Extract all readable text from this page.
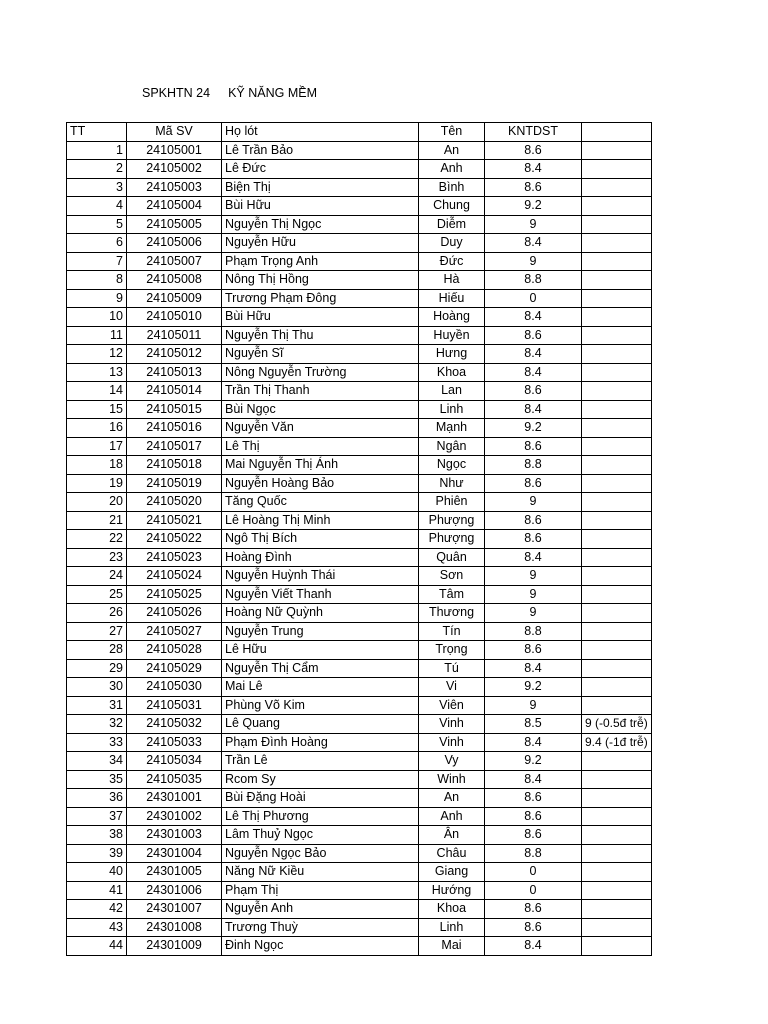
SPKHTN 24 KỸ NĂNG MỀM
TT	Mã SV	Họ lót	Tên	KNTDST	
1	24105001	Lê Trần Bảo	An	8.6	
2	24105002	Lê Đức	Anh	8.4	
3	24105003	Biện Thị	Bình	8.6	
4	24105004	Bùi Hữu	Chung	9.2	
5	24105005	Nguyễn Thị Ngọc	Diễm	9	
6	24105006	Nguyễn Hữu	Duy	8.4	
7	24105007	Phạm Trọng Anh	Đức	9	
8	24105008	Nông Thị Hồng	Hà	8.8	
9	24105009	Trương Phạm Đông	Hiếu	0	
10	24105010	Bùi Hữu	Hoàng	8.4	
11	24105011	Nguyễn Thị Thu	Huyền	8.6	
12	24105012	Nguyễn Sĩ	Hưng	8.4	
13	24105013	Nông Nguyễn Trường	Khoa	8.4	
14	24105014	Trần Thị Thanh	Lan	8.6	
15	24105015	Bùi Ngọc	Linh	8.4	
16	24105016	Nguyễn Văn	Mạnh	9.2	
17	24105017	Lê Thị	Ngân	8.6	
18	24105018	Mai Nguyễn Thị Ánh	Ngọc	8.8	
19	24105019	Nguyễn Hoàng Bảo	Như	8.6	
20	24105020	Tăng Quốc	Phiên	9	
21	24105021	Lê Hoàng Thị Minh	Phượng	8.6	
22	24105022	Ngô Thị Bích	Phượng	8.6	
23	24105023	Hoàng Đình	Quân	8.4	
24	24105024	Nguyễn Huỳnh Thái	Sơn	9	
25	24105025	Nguyễn Viết Thanh	Tâm	9	
26	24105026	Hoàng Nữ Quỳnh	Thương	9	
27	24105027	Nguyễn Trung	Tín	8.8	
28	24105028	Lê Hữu	Trọng	8.6	
29	24105029	Nguyễn Thị Cẩm	Tú	8.4	
30	24105030	Mai Lê	Vi	9.2	
31	24105031	Phùng Võ Kim	Viên	9	
32	24105032	Lê Quang	Vinh	8.5	9 (-0.5đ trễ)
33	24105033	Phạm Đình Hoàng	Vinh	8.4	9.4 (-1đ trễ)
34	24105034	Trần Lê	Vy	9.2	
35	24105035	Rcom Sy	Winh	8.4	
36	24301001	Bùi Đặng Hoài	An	8.6	
37	24301002	Lê Thị Phương	Anh	8.6	
38	24301003	Lâm Thuỷ Ngọc	Ân	8.6	
39	24301004	Nguyễn Ngọc Bảo	Châu	8.8	
40	24301005	Năng Nữ Kiều	Giang	0	
41	24301006	Phạm Thị	Hướng	0	
42	24301007	Nguyễn Anh	Khoa	8.6	
43	24301008	Trương Thuỳ	Linh	8.6	
44	24301009	Đinh Ngọc	Mai	8.4	
